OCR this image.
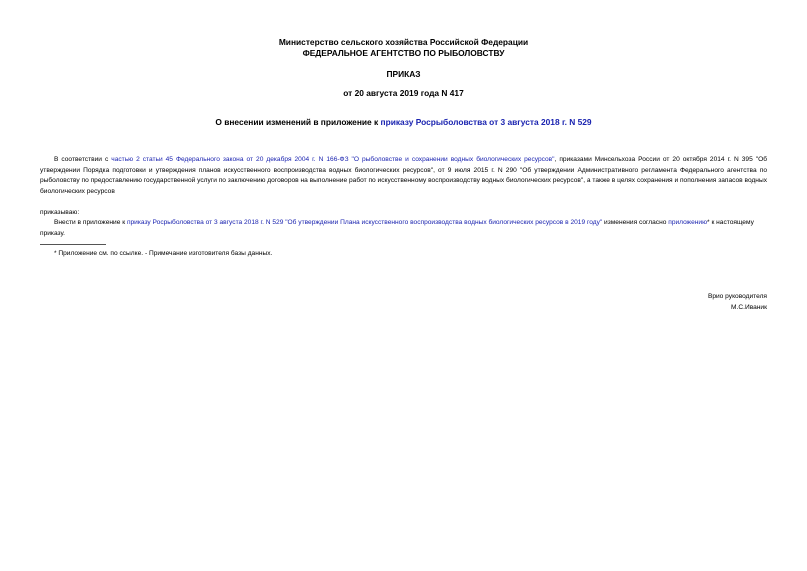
Министерство сельского хозяйства Российской Федерации
ФЕДЕРАЛЬНОЕ АГЕНТСТВО ПО РЫБОЛОВСТВУ
ПРИКАЗ
от 20 августа 2019 года N 417
О внесении изменений в приложение к приказу Росрыболовства от 3 августа 2018 г. N 529
В соответствии с частью 2 статьи 45 Федерального закона от 20 декабря 2004 г. N 166-ФЗ "О рыболовстве и сохранении водных биологических ресурсов", приказами Минсельхоза России от 20 октября 2014 г. N 395 "Об утверждении Порядка подготовки и утверждения планов искусственного воспроизводства водных биологических ресурсов", от 9 июля 2015 г. N 290 "Об утверждении Административного регламента Федерального агентства по рыболовству по предоставлению государственной услуги по заключению договоров на выполнение работ по искусственному воспроизводству водных биологических ресурсов", а также в целях сохранения и пополнения запасов водных биологических ресурсов
приказываю:
Внести в приложение к приказу Росрыболовства от 3 августа 2018 г. N 529 "Об утверждении Плана искусственного воспроизводства водных биологических ресурсов в 2019 году" изменения согласно приложению* к настоящему приказу.
* Приложение см. по ссылке. - Примечание изготовителя базы данных.
Врио руководителя
М.С.Иваник
